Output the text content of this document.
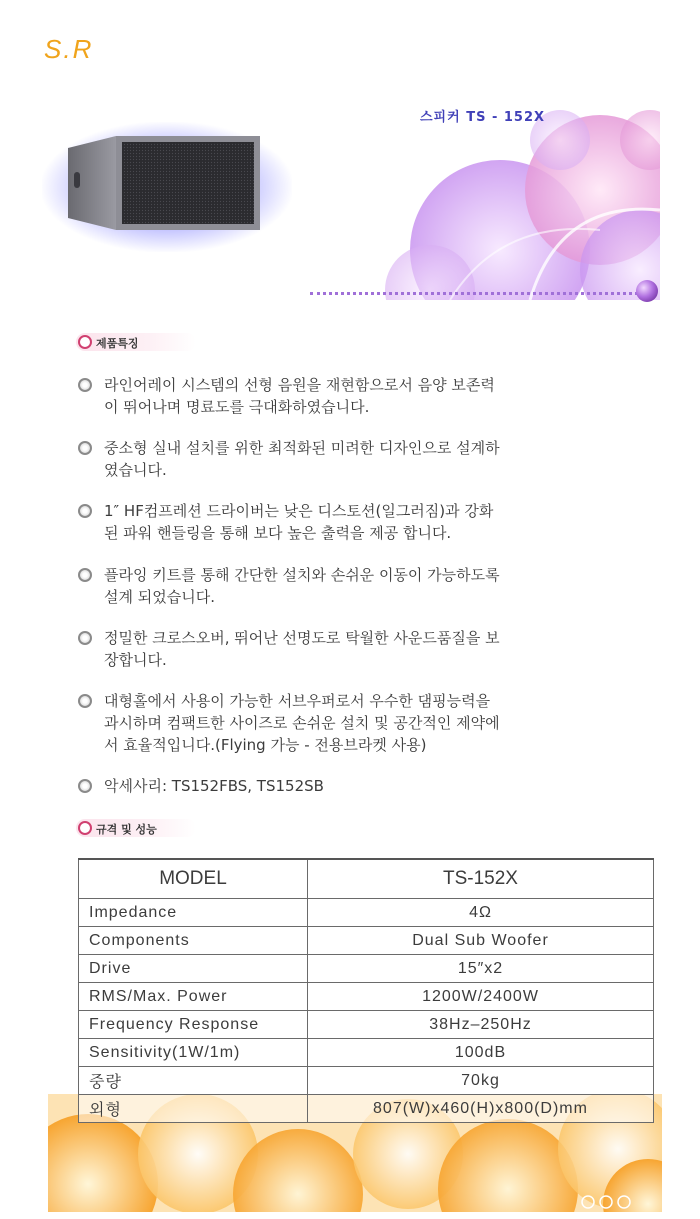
S.R
스피커 TS - 152X
제품특징
라인어레이 시스템의 선형 음원을 재현함으로서 음양 보존력
이 뛰어나며 명료도를 극대화하였습니다.
중소형 실내 설치를 위한 최적화된 미려한 디자인으로 설계하
였습니다.
1″ HF컴프레션 드라이버는 낮은 디스토션(일그러짐)과 강화
된 파워 핸들링을 통해 보다 높은 출력을 제공 합니다.
플라잉 키트를 통해 간단한 설치와 손쉬운 이동이 가능하도록
설계 되었습니다.
정밀한 크로스오버, 뛰어난 선명도로 탁월한 사운드품질을 보
장합니다.
대형홀에서 사용이 가능한 서브우퍼로서 우수한 댐핑능력을
과시하며 컴팩트한 사이즈로 손쉬운 설치 및 공간적인 제약에
서 효율적입니다.(Flying 가능 - 전용브라켓 사용)
악세사리: TS152FBS, TS152SB
규격 및 성능
MODEL	TS-152X
Impedance	4Ω
Components	Dual Sub Woofer
Drive	15″x2
RMS/Max. Power	1200W/2400W
Frequency Response	38Hz–250Hz
Sensitivity(1W/1m)	100dB
중량	70kg
외형	807(W)x460(H)x800(D)mm
